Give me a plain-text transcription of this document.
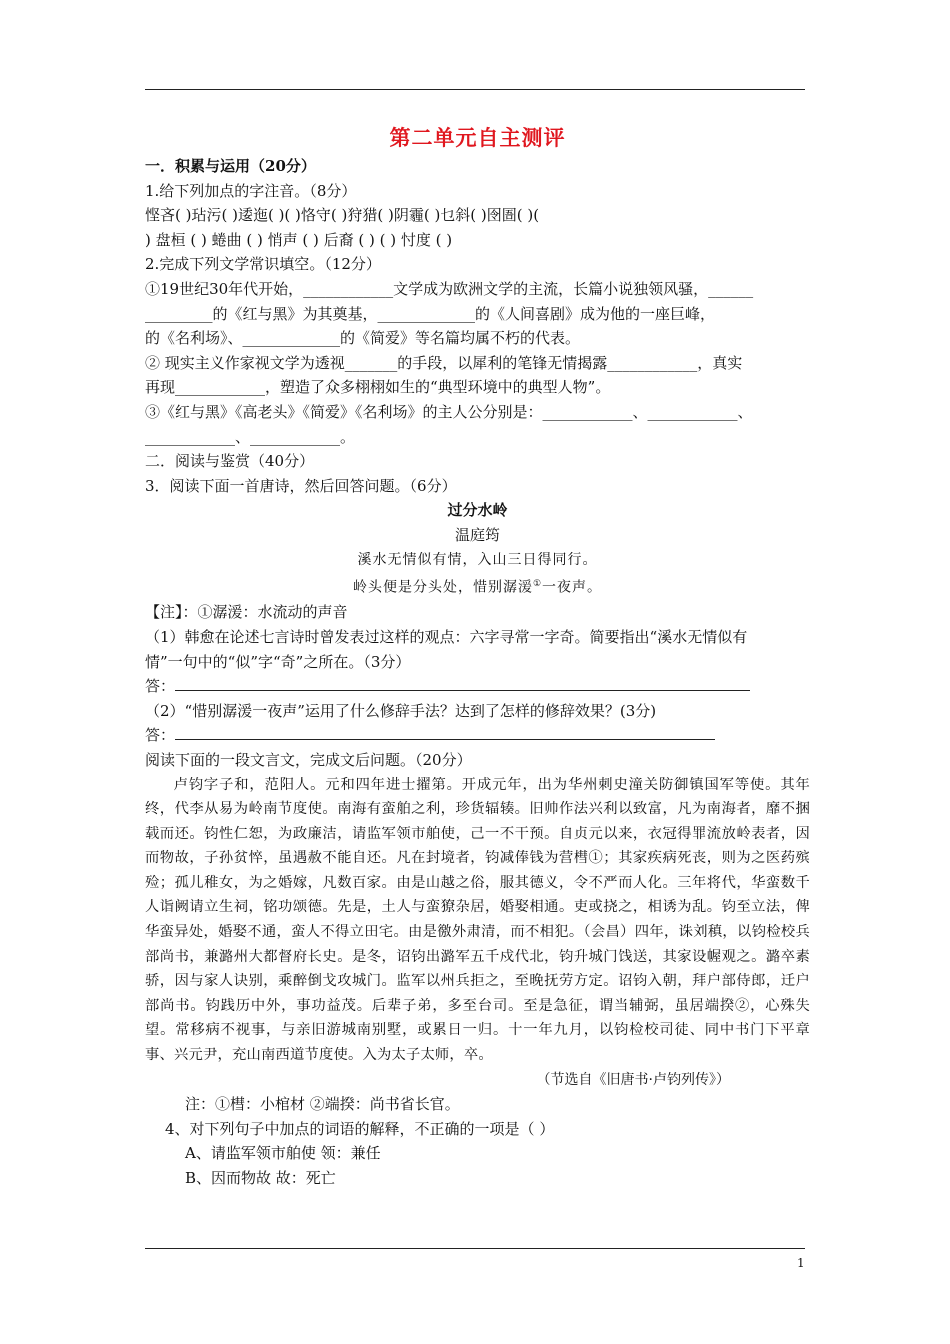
第二单元自主测评
一．积累与运用（20分）
1.给下列加点的字注音。（8分）
悭吝( )玷污( )逶迤( )( )恪守( )狩猎( )阴霾( )乜斜( )囹圄( )(
) 盘桓 ( ) 蜷曲 ( ) 悄声 ( ) 后裔 ( ) ( ) 忖度 ( )
2.完成下列文学常识填空。（12分）
①19世纪30年代开始，____________文学成为欧洲文学的主流，长篇小说独领风骚，______
_________的《红与黑》为其奠基，_____________的《人间喜剧》成为他的一座巨峰，
的《名利场》、_____________的《简爱》等名篇均属不朽的代表。
② 现实主义作家视文学为透视_______的手段，以犀利的笔锋无情揭露____________，真实
再现____________，塑造了众多栩栩如生的“典型环境中的典型人物”。
③《红与黑》《高老头》《简爱》《名利场》的主人公分别是：____________、____________、
____________、____________。
二．阅读与鉴赏（40分）
3．阅读下面一首唐诗，然后回答问题。（6分）
过分水岭
温庭筠
溪水无情似有情，入山三日得同行。
岭头便是分头处，惜别潺湲①一夜声。
【注】：①潺湲：水流动的声音
（1）韩愈在论述七言诗时曾发表过这样的观点：六字寻常一字奇。简要指出“溪水无情似有
情”一句中的“似”字“奇”之所在。（3分）
答：
（2）“惜别潺湲一夜声”运用了什么修辞手法？达到了怎样的修辞效果？(3分)
答：
阅读下面的一段文言文，完成文后问题。（20分）
卢钧字子和，范阳人。元和四年进士擢第。开成元年，出为华州刺史潼关防御镇国军等使。其年终，代李从易为岭南节度使。南海有蛮舶之利，珍货辐辏。旧帅作法兴利以致富，凡为南海者，靡不捆载而还。钧性仁恕，为政廉洁，请监军领市舶使，己一不干预。自贞元以来，衣冠得罪流放岭表者，因而物故，子孙贫悴，虽遇赦不能自还。凡在封境者，钧减俸钱为营槥①；其家疾病死丧，则为之医药殡殓；孤儿稚女，为之婚嫁，凡数百家。由是山越之俗，服其德义，令不严而人化。三年将代，华蛮数千人诣阙请立生祠，铭功颂德。先是，土人与蛮獠杂居，婚娶相通。吏或挠之，相诱为乱。钧至立法，俾华蛮异处，婚娶不通，蛮人不得立田宅。由是徼外肃清，而不相犯。（会昌）四年，诛刘稹，以钧检校兵部尚书，兼潞州大都督府长史。是冬，诏钧出潞军五千戍代北，钧升城门饯送，其家设幄观之。潞卒素骄，因与家人诀别，乘醉倒戈攻城门。监军以州兵拒之，至晚抚劳方定。诏钧入朝，拜户部侍郎，迁户部尚书。钧践历中外，事功益茂。后辈子弟，多至台司。至是急征，谓当辅弼，虽居端揆②，心殊失望。常移病不视事，与亲旧游城南别墅，或累日一归。十一年九月，以钧检校司徒、同中书门下平章事、兴元尹，充山南西道节度使。入为太子太师，卒。
（节选自《旧唐书·卢钧列传》）
注：①槥：小棺材 ②端揆：尚书省长官。
4、对下列句子中加点的词语的解释，不正确的一项是（ ）
A、请监军领市舶使 领：兼任
B、因而物故 故：死亡
1
